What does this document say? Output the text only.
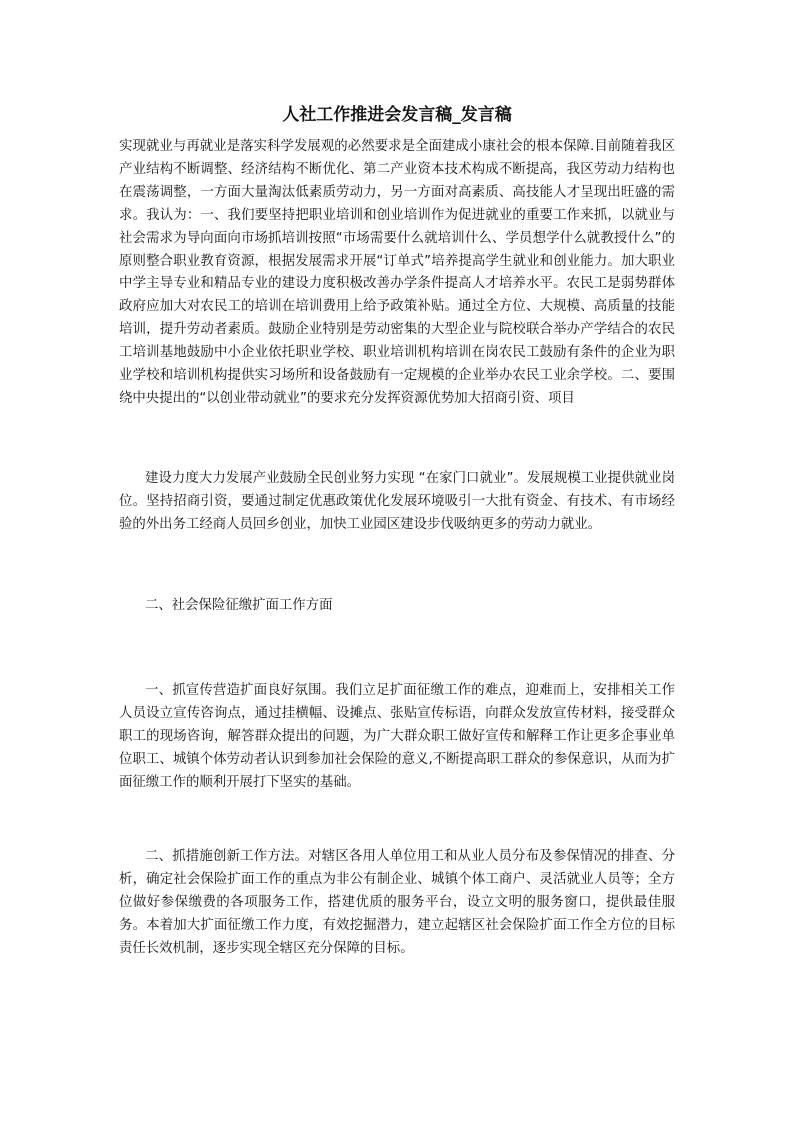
人社工作推进会发言稿_发言稿

实现就业与再就业是落实科学发展观的必然要求是全面建成小康社会的根本保障.目前随着我区产业结构不断调整、经济结构不断优化、第二产业资本技术构成不断提高，我区劳动力结构也在震荡调整，一方面大量淘汰低素质劳动力，另一方面对高素质、高技能人才呈现出旺盛的需求。我认为：一、我们要坚持把职业培训和创业培训作为促进就业的重要工作来抓，以就业与社会需求为导向面向市场抓培训按照“市场需要什么就培训什么、学员想学什么就教授什么”的原则整合职业教育资源，根据发展需求开展“订单式”培养提高学生就业和创业能力。加大职业中学主导专业和精品专业的建设力度积极改善办学条件提高人才培养水平。农民工是弱势群体政府应加大对农民工的培训在培训费用上给予政策补贴。通过全方位、大规模、高质量的技能培训，提升劳动者素质。鼓励企业特别是劳动密集的大型企业与院校联合举办产学结合的农民工培训基地鼓励中小企业依托职业学校、职业培训机构培训在岗农民工鼓励有条件的企业为职业学校和培训机构提供实习场所和设备鼓励有一定规模的企业举办农民工业余学校。二、要围绕中央提出的“以创业带动就业”的要求充分发挥资源优势加大招商引资、项目

建设力度大力发展产业鼓励全民创业努力实现 “在家门口就业”。发展规模工业提供就业岗位。坚持招商引资，要通过制定优惠政策优化发展环境吸引一大批有资金、有技术、有市场经验的外出务工经商人员回乡创业，加快工业园区建设步伐吸纳更多的劳动力就业。

二、社会保险征缴扩面工作方面

一、抓宣传营造扩面良好氛围。我们立足扩面征缴工作的难点，迎难而上，安排相关工作人员设立宣传咨询点，通过挂横幅、设摊点、张贴宣传标语，向群众发放宣传材料，接受群众职工的现场咨询，解答群众提出的问题，为广大群众职工做好宣传和解释工作让更多企事业单位职工、城镇个体劳动者认识到参加社会保险的意义,不断提高职工群众的参保意识，从而为扩面征缴工作的顺利开展打下坚实的基础。

二、抓措施创新工作方法。对辖区各用人单位用工和从业人员分布及参保情况的排查、分析，确定社会保险扩面工作的重点为非公有制企业、城镇个体工商户、灵活就业人员等；全方位做好参保缴费的各项服务工作，搭建优质的服务平台，设立文明的服务窗口，提供最佳服务。本着加大扩面征缴工作力度，有效挖掘潜力，建立起辖区社会保险扩面工作全方位的目标责任长效机制，逐步实现全辖区充分保障的目标。
